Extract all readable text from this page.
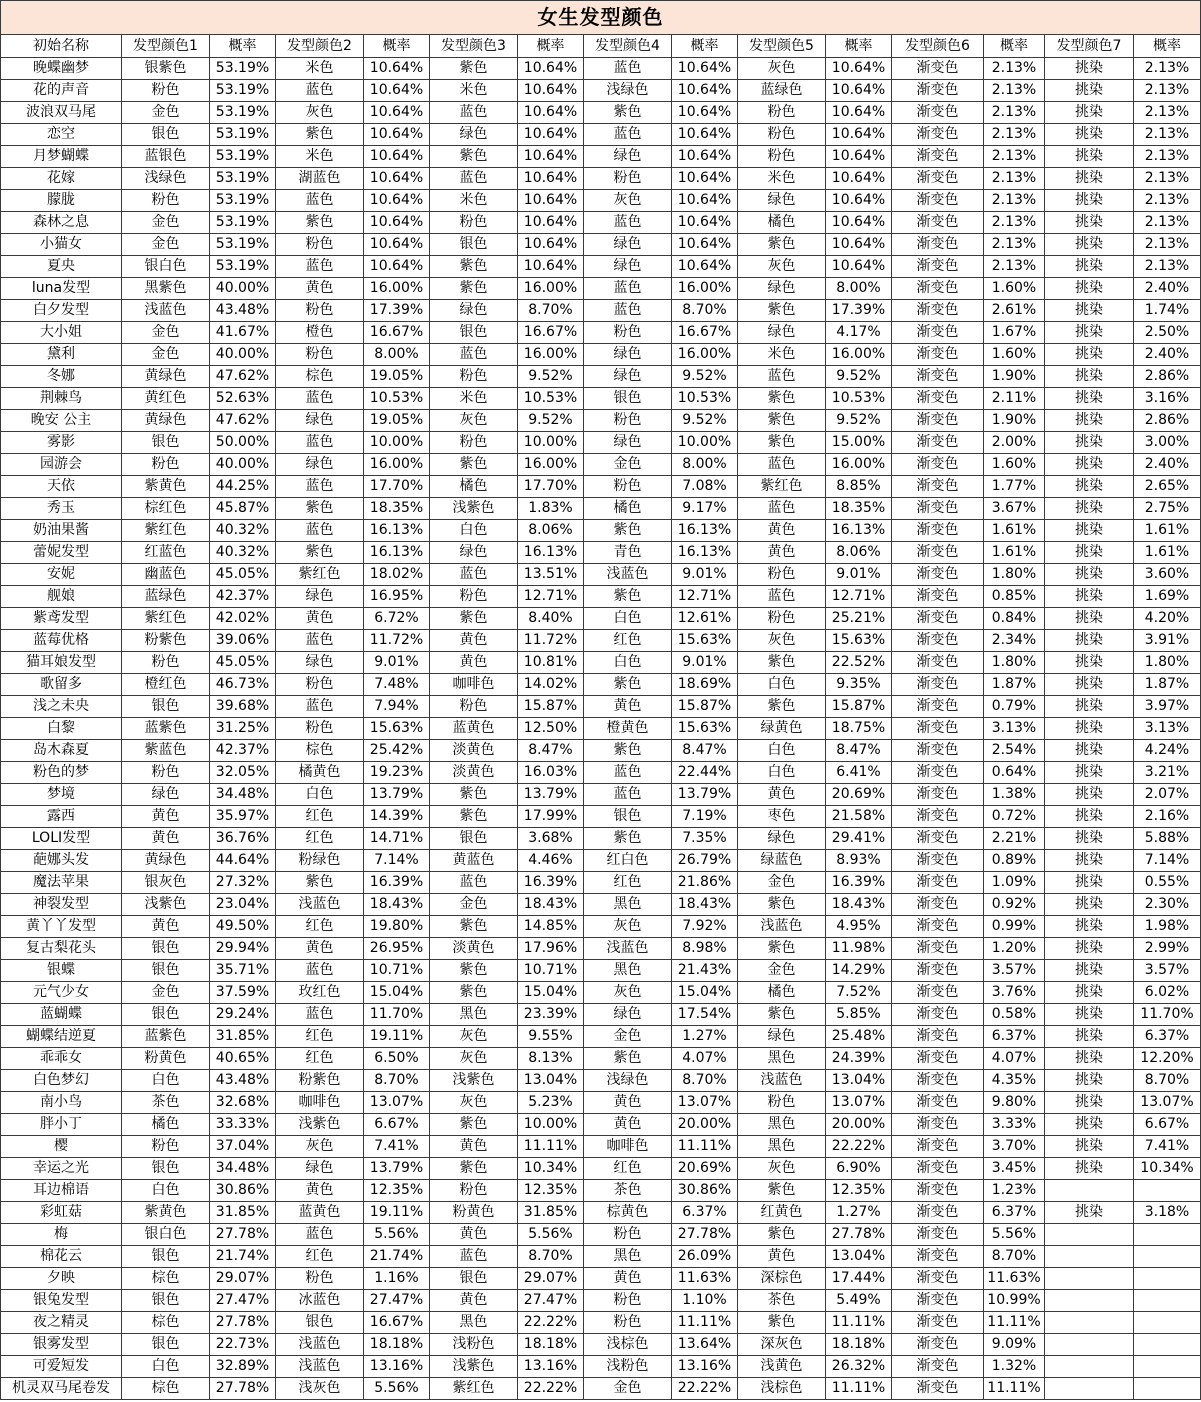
女生发型颜色
初始名称	发型颜色1	概率	发型颜色2	概率	发型颜色3	概率	发型颜色4	概率	发型颜色5	概率	发型颜色6	概率	发型颜色7	概率
晚蝶幽梦	银紫色	53.19%	米色	10.64%	紫色	10.64%	蓝色	10.64%	灰色	10.64%	渐变色	2.13%	挑染	2.13%
花的声音	粉色	53.19%	蓝色	10.64%	米色	10.64%	浅绿色	10.64%	蓝绿色	10.64%	渐变色	2.13%	挑染	2.13%
波浪双马尾	金色	53.19%	灰色	10.64%	蓝色	10.64%	紫色	10.64%	粉色	10.64%	渐变色	2.13%	挑染	2.13%
恋空	银色	53.19%	紫色	10.64%	绿色	10.64%	蓝色	10.64%	粉色	10.64%	渐变色	2.13%	挑染	2.13%
月梦蝴蝶	蓝银色	53.19%	米色	10.64%	紫色	10.64%	绿色	10.64%	粉色	10.64%	渐变色	2.13%	挑染	2.13%
花嫁	浅绿色	53.19%	湖蓝色	10.64%	蓝色	10.64%	粉色	10.64%	米色	10.64%	渐变色	2.13%	挑染	2.13%
朦胧	粉色	53.19%	蓝色	10.64%	米色	10.64%	灰色	10.64%	绿色	10.64%	渐变色	2.13%	挑染	2.13%
森林之息	金色	53.19%	紫色	10.64%	粉色	10.64%	蓝色	10.64%	橘色	10.64%	渐变色	2.13%	挑染	2.13%
小猫女	金色	53.19%	粉色	10.64%	银色	10.64%	绿色	10.64%	紫色	10.64%	渐变色	2.13%	挑染	2.13%
夏央	银白色	53.19%	蓝色	10.64%	紫色	10.64%	绿色	10.64%	灰色	10.64%	渐变色	2.13%	挑染	2.13%
luna发型	黑紫色	40.00%	黄色	16.00%	紫色	16.00%	蓝色	16.00%	绿色	8.00%	渐变色	1.60%	挑染	2.40%
白夕发型	浅蓝色	43.48%	粉色	17.39%	绿色	8.70%	蓝色	8.70%	紫色	17.39%	渐变色	2.61%	挑染	1.74%
大小姐	金色	41.67%	橙色	16.67%	银色	16.67%	粉色	16.67%	绿色	4.17%	渐变色	1.67%	挑染	2.50%
黛利	金色	40.00%	粉色	8.00%	蓝色	16.00%	绿色	16.00%	米色	16.00%	渐变色	1.60%	挑染	2.40%
冬娜	黄绿色	47.62%	棕色	19.05%	粉色	9.52%	绿色	9.52%	蓝色	9.52%	渐变色	1.90%	挑染	2.86%
荆棘鸟	黄红色	52.63%	蓝色	10.53%	米色	10.53%	银色	10.53%	紫色	10.53%	渐变色	2.11%	挑染	3.16%
晚安 公主	黄绿色	47.62%	绿色	19.05%	灰色	9.52%	粉色	9.52%	紫色	9.52%	渐变色	1.90%	挑染	2.86%
雾影	银色	50.00%	蓝色	10.00%	粉色	10.00%	绿色	10.00%	紫色	15.00%	渐变色	2.00%	挑染	3.00%
园游会	粉色	40.00%	绿色	16.00%	紫色	16.00%	金色	8.00%	蓝色	16.00%	渐变色	1.60%	挑染	2.40%
天依	紫黄色	44.25%	蓝色	17.70%	橘色	17.70%	粉色	7.08%	紫红色	8.85%	渐变色	1.77%	挑染	2.65%
秀玉	棕红色	45.87%	紫色	18.35%	浅紫色	1.83%	橘色	9.17%	蓝色	18.35%	渐变色	3.67%	挑染	2.75%
奶油果酱	紫红色	40.32%	蓝色	16.13%	白色	8.06%	紫色	16.13%	黄色	16.13%	渐变色	1.61%	挑染	1.61%
蕾妮发型	红蓝色	40.32%	紫色	16.13%	绿色	16.13%	青色	16.13%	黄色	8.06%	渐变色	1.61%	挑染	1.61%
安妮	幽蓝色	45.05%	紫红色	18.02%	蓝色	13.51%	浅蓝色	9.01%	粉色	9.01%	渐变色	1.80%	挑染	3.60%
舰娘	蓝绿色	42.37%	绿色	16.95%	粉色	12.71%	紫色	12.71%	蓝色	12.71%	渐变色	0.85%	挑染	1.69%
紫鸢发型	紫红色	42.02%	黄色	6.72%	紫色	8.40%	白色	12.61%	粉色	25.21%	渐变色	0.84%	挑染	4.20%
蓝莓优格	粉紫色	39.06%	蓝色	11.72%	黄色	11.72%	红色	15.63%	灰色	15.63%	渐变色	2.34%	挑染	3.91%
猫耳娘发型	粉色	45.05%	绿色	9.01%	黄色	10.81%	白色	9.01%	紫色	22.52%	渐变色	1.80%	挑染	1.80%
歌留多	橙红色	46.73%	粉色	7.48%	咖啡色	14.02%	紫色	18.69%	白色	9.35%	渐变色	1.87%	挑染	1.87%
浅之未央	银色	39.68%	蓝色	7.94%	粉色	15.87%	黄色	15.87%	紫色	15.87%	渐变色	0.79%	挑染	3.97%
白黎	蓝紫色	31.25%	粉色	15.63%	蓝黄色	12.50%	橙黄色	15.63%	绿黄色	18.75%	渐变色	3.13%	挑染	3.13%
岛木森夏	紫蓝色	42.37%	棕色	25.42%	淡黄色	8.47%	紫色	8.47%	白色	8.47%	渐变色	2.54%	挑染	4.24%
粉色的梦	粉色	32.05%	橘黄色	19.23%	淡黄色	16.03%	蓝色	22.44%	白色	6.41%	渐变色	0.64%	挑染	3.21%
梦境	绿色	34.48%	白色	13.79%	紫色	13.79%	蓝色	13.79%	黄色	20.69%	渐变色	1.38%	挑染	2.07%
露西	黄色	35.97%	红色	14.39%	紫色	17.99%	银色	7.19%	枣色	21.58%	渐变色	0.72%	挑染	2.16%
LOLI发型	黄色	36.76%	红色	14.71%	银色	3.68%	紫色	7.35%	绿色	29.41%	渐变色	2.21%	挑染	5.88%
葩娜头发	黄绿色	44.64%	粉绿色	7.14%	黄蓝色	4.46%	红白色	26.79%	绿蓝色	8.93%	渐变色	0.89%	挑染	7.14%
魔法苹果	银灰色	27.32%	紫色	16.39%	蓝色	16.39%	红色	21.86%	金色	16.39%	渐变色	1.09%	挑染	0.55%
神裂发型	浅紫色	23.04%	浅蓝色	18.43%	金色	18.43%	黑色	18.43%	紫色	18.43%	渐变色	0.92%	挑染	2.30%
黄丫丫发型	黄色	49.50%	红色	19.80%	紫色	14.85%	灰色	7.92%	浅蓝色	4.95%	渐变色	0.99%	挑染	1.98%
复古梨花头	银色	29.94%	黄色	26.95%	淡黄色	17.96%	浅蓝色	8.98%	紫色	11.98%	渐变色	1.20%	挑染	2.99%
银蝶	银色	35.71%	蓝色	10.71%	紫色	10.71%	黑色	21.43%	金色	14.29%	渐变色	3.57%	挑染	3.57%
元气少女	金色	37.59%	玫红色	15.04%	紫色	15.04%	灰色	15.04%	橘色	7.52%	渐变色	3.76%	挑染	6.02%
蓝蝴蝶	银色	29.24%	蓝色	11.70%	黑色	23.39%	绿色	17.54%	紫色	5.85%	渐变色	0.58%	挑染	11.70%
蝴蝶结逆夏	蓝紫色	31.85%	红色	19.11%	灰色	9.55%	金色	1.27%	绿色	25.48%	渐变色	6.37%	挑染	6.37%
乖乖女	粉黄色	40.65%	红色	6.50%	灰色	8.13%	紫色	4.07%	黑色	24.39%	渐变色	4.07%	挑染	12.20%
白色梦幻	白色	43.48%	粉紫色	8.70%	浅紫色	13.04%	浅绿色	8.70%	浅蓝色	13.04%	渐变色	4.35%	挑染	8.70%
南小鸟	茶色	32.68%	咖啡色	13.07%	灰色	5.23%	黄色	13.07%	粉色	13.07%	渐变色	9.80%	挑染	13.07%
胖小丁	橘色	33.33%	浅紫色	6.67%	紫色	10.00%	黄色	20.00%	黑色	20.00%	渐变色	3.33%	挑染	6.67%
樱	粉色	37.04%	灰色	7.41%	黄色	11.11%	咖啡色	11.11%	黑色	22.22%	渐变色	3.70%	挑染	7.41%
幸运之光	银色	34.48%	绿色	13.79%	紫色	10.34%	红色	20.69%	灰色	6.90%	渐变色	3.45%	挑染	10.34%
耳边棉语	白色	30.86%	黄色	12.35%	粉色	12.35%	茶色	30.86%	紫色	12.35%	渐变色	1.23%
彩虹菇	紫黄色	31.85%	蓝黄色	19.11%	粉黄色	31.85%	棕黄色	6.37%	红黄色	1.27%	渐变色	6.37%	挑染	3.18%
梅	银白色	27.78%	蓝色	5.56%	黄色	5.56%	粉色	27.78%	紫色	27.78%	渐变色	5.56%
棉花云	银色	21.74%	红色	21.74%	蓝色	8.70%	黑色	26.09%	黄色	13.04%	渐变色	8.70%
夕映	棕色	29.07%	粉色	1.16%	银色	29.07%	黄色	11.63%	深棕色	17.44%	渐变色	11.63%
银兔发型	银色	27.47%	冰蓝色	27.47%	黄色	27.47%	粉色	1.10%	茶色	5.49%	渐变色	10.99%
夜之精灵	棕色	27.78%	银色	16.67%	黑色	22.22%	粉色	11.11%	紫色	11.11%	渐变色	11.11%
银雾发型	银色	22.73%	浅蓝色	18.18%	浅粉色	18.18%	浅棕色	13.64%	深灰色	18.18%	渐变色	9.09%
可爱短发	白色	32.89%	浅蓝色	13.16%	浅紫色	13.16%	浅粉色	13.16%	浅黄色	26.32%	渐变色	1.32%
机灵双马尾卷发	棕色	27.78%	浅灰色	5.56%	紫红色	22.22%	金色	22.22%	浅棕色	11.11%	渐变色	11.11%
